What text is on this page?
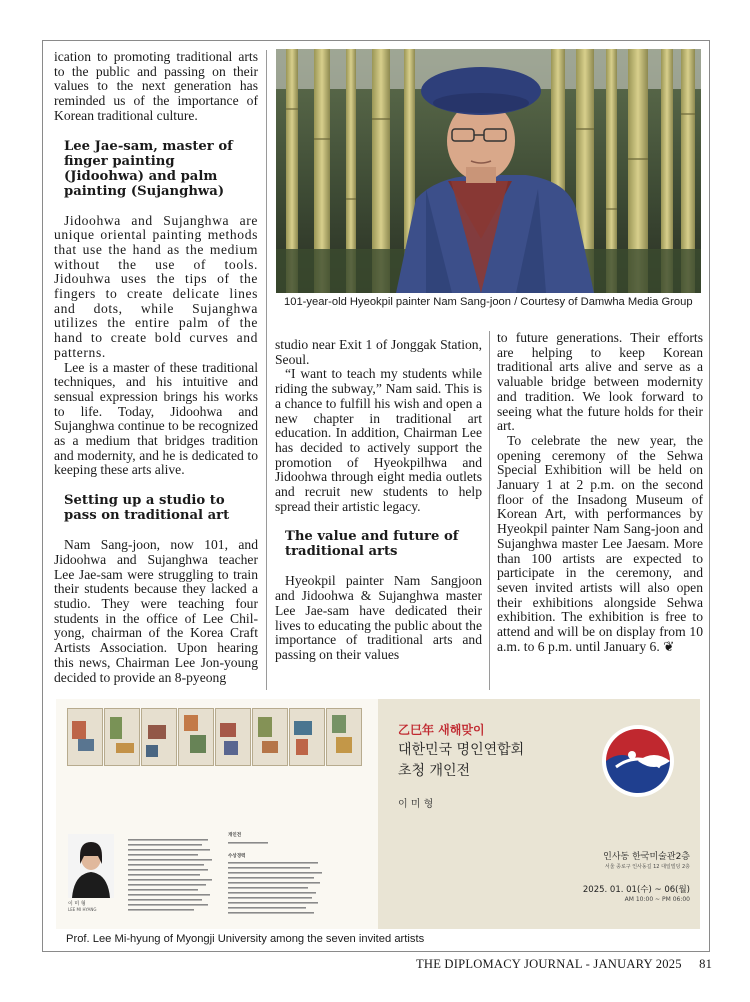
ication to promoting traditional arts to the public and passing on their values to the next generation has reminded us of the importance of Korean traditional culture.

Lee Jae-sam, master of finger painting (Jidoohwa) and palm painting (Sujanghwa)

Jidoohwa and Sujanghwa are unique oriental painting methods that use the hand as the medium without the use of tools. Jidouhwa uses the tips of the fingers to create delicate lines and dots, while Sujanghwa utilizes the entire palm of the hand to create bold curves and patterns.

Lee is a master of these traditional techniques, and his intuitive and sensual expression brings his works to life. Today, Jidoohwa and Sujanghwa continue to be recognized as a medium that bridges tradition and modernity, and he is dedicated to keeping these arts alive.

Setting up a studio to pass on traditional art

Nam Sang-joon, now 101, and Jidoohwa and Sujanghwa teacher Lee Jae-sam were struggling to train their students because they lacked a studio. They were teaching four students in the office of Lee Chil-yong, chairman of the Korea Craft Artists Association. Upon hearing this news, Chairman Lee Jon-young decided to provide an 8-pyeong

101-year-old Hyeokpil painter Nam Sang-joon / Courtesy of Damwha Media Group

studio near Exit 1 of Jonggak Station, Seoul.

“I want to teach my students while riding the subway,” Nam said. This is a chance to fulfill his wish and open a new chapter in traditional art education. In addition, Chairman Lee has decided to actively support the promotion of Hyeokpilhwa and Jidoohwa through eight media outlets and recruit new students to help spread their artistic legacy.

The value and future of traditional arts

Hyeokpil painter Nam Sangjoon and Jidoohwa & Sujanghwa master Lee Jae-sam have dedicated their lives to educating the public about the importance of traditional arts and passing on their values

to future generations. Their efforts are helping to keep Korean traditional arts alive and serve as a valuable bridge between modernity and tradition. We look forward to seeing what the future holds for their art.

To celebrate the new year, the opening ceremony of the Sehwa Special Exhibition will be held on January 1 at 2 p.m. on the second floor of the Insadong Museum of Korean Art, with performances by Hyeokpil painter Nam Sang-joon and Sujanghwa master Lee Jaesam. More than 100 artists are expected to participate in the ceremony, and seven invited artists will also open their exhibitions alongside Sehwa exhibition. The exhibition is free to attend and will be on display from 10 a.m. to 6 p.m. until January 6. ❦

이 미 형
LEE MI HYANG

개인전
수상경력
乙巳年 새해맞이
대한민국 명인연합회
초청 개인전
이 미 형
인사동 한국미술관2층
서울 종로구 인사동길 12 대일빌딩 2층
2025. 01. 01(수) ~ 06(월)
AM 10:00 ~ PM 06:00
Prof. Lee Mi-hyung of Myongji University among the seven invited artists
THE DIPLOMACY JOURNAL - JANUARY 2025 81
